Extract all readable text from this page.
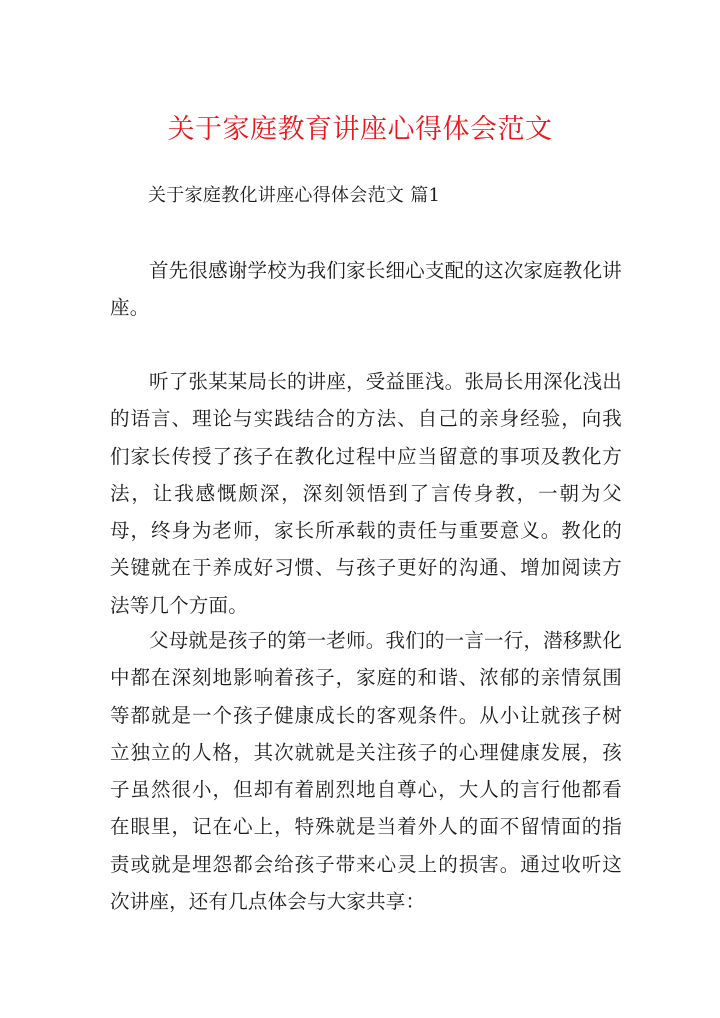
关于家庭教育讲座心得体会范文
关于家庭教化讲座心得体会范文 篇1
首先很感谢学校为我们家长细心支配的这次家庭教化讲座。
听了张某某局长的讲座，受益匪浅。张局长用深化浅出的语言、理论与实践结合的方法、自己的亲身经验，向我们家长传授了孩子在教化过程中应当留意的事项及教化方法，让我感慨颇深，深刻领悟到了言传身教，一朝为父母，终身为老师，家长所承载的责任与重要意义。教化的关键就在于养成好习惯、与孩子更好的沟通、增加阅读方法等几个方面。
父母就是孩子的第一老师。我们的一言一行，潜移默化中都在深刻地影响着孩子，家庭的和谐、浓郁的亲情氛围等都就是一个孩子健康成长的客观条件。从小让就孩子树立独立的人格，其次就就是关注孩子的心理健康发展，孩子虽然很小，但却有着剧烈地自尊心，大人的言行他都看在眼里，记在心上，特殊就是当着外人的面不留情面的指责或就是埋怨都会给孩子带来心灵上的损害。通过收听这次讲座，还有几点体会与大家共享：
